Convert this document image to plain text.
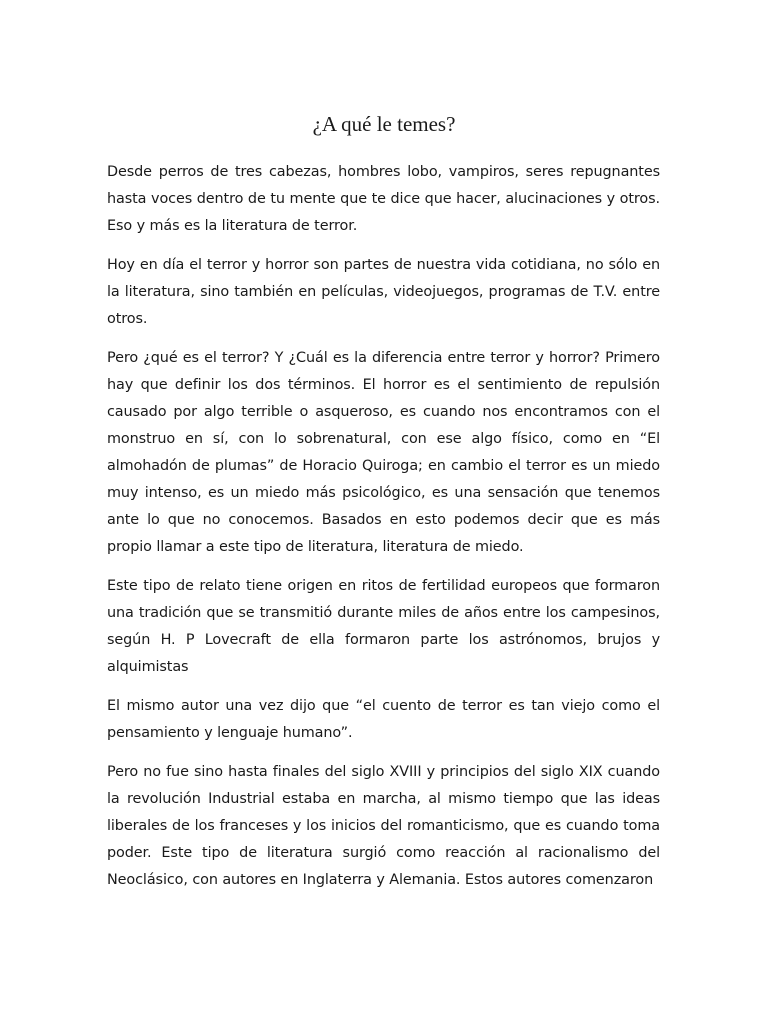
¿A qué le temes?

Desde perros de tres cabezas, hombres lobo, vampiros, seres repugnantes hasta voces dentro de tu mente que te dice que hacer, alucinaciones y otros. Eso y más es la literatura de terror.

Hoy en día el terror y horror son partes de nuestra vida cotidiana, no sólo en la literatura, sino también en películas, videojuegos, programas de T.V. entre otros.

Pero ¿qué es el terror? Y ¿Cuál es la diferencia entre terror y horror? Primero hay que definir los dos términos. El horror es el sentimiento de repulsión causado por algo terrible o asqueroso, es cuando nos encontramos con el monstruo en sí, con lo sobrenatural, con ese algo físico, como en “El almohadón de plumas” de Horacio Quiroga; en cambio el terror es un miedo muy intenso, es un miedo más psicológico, es una sensación que tenemos ante lo que no conocemos. Basados en esto podemos decir que es más propio llamar a este tipo de literatura, literatura de miedo.

Este tipo de relato tiene origen en ritos de fertilidad europeos que formaron una tradición que se transmitió durante miles de años entre los campesinos, según H. P Lovecraft de ella formaron parte los astrónomos, brujos y alquimistas

El mismo autor una vez dijo que “el cuento de terror es tan viejo como el pensamiento y lenguaje humano”.

Pero no fue sino hasta finales del siglo XVIII y principios del siglo XIX cuando la revolución Industrial estaba en marcha, al mismo tiempo que las ideas liberales de los franceses y los inicios del romanticismo, que es cuando toma poder. Este tipo de literatura surgió como reacción al racionalismo del Neoclásico, con autores en Inglaterra y Alemania. Estos autores comenzaron
